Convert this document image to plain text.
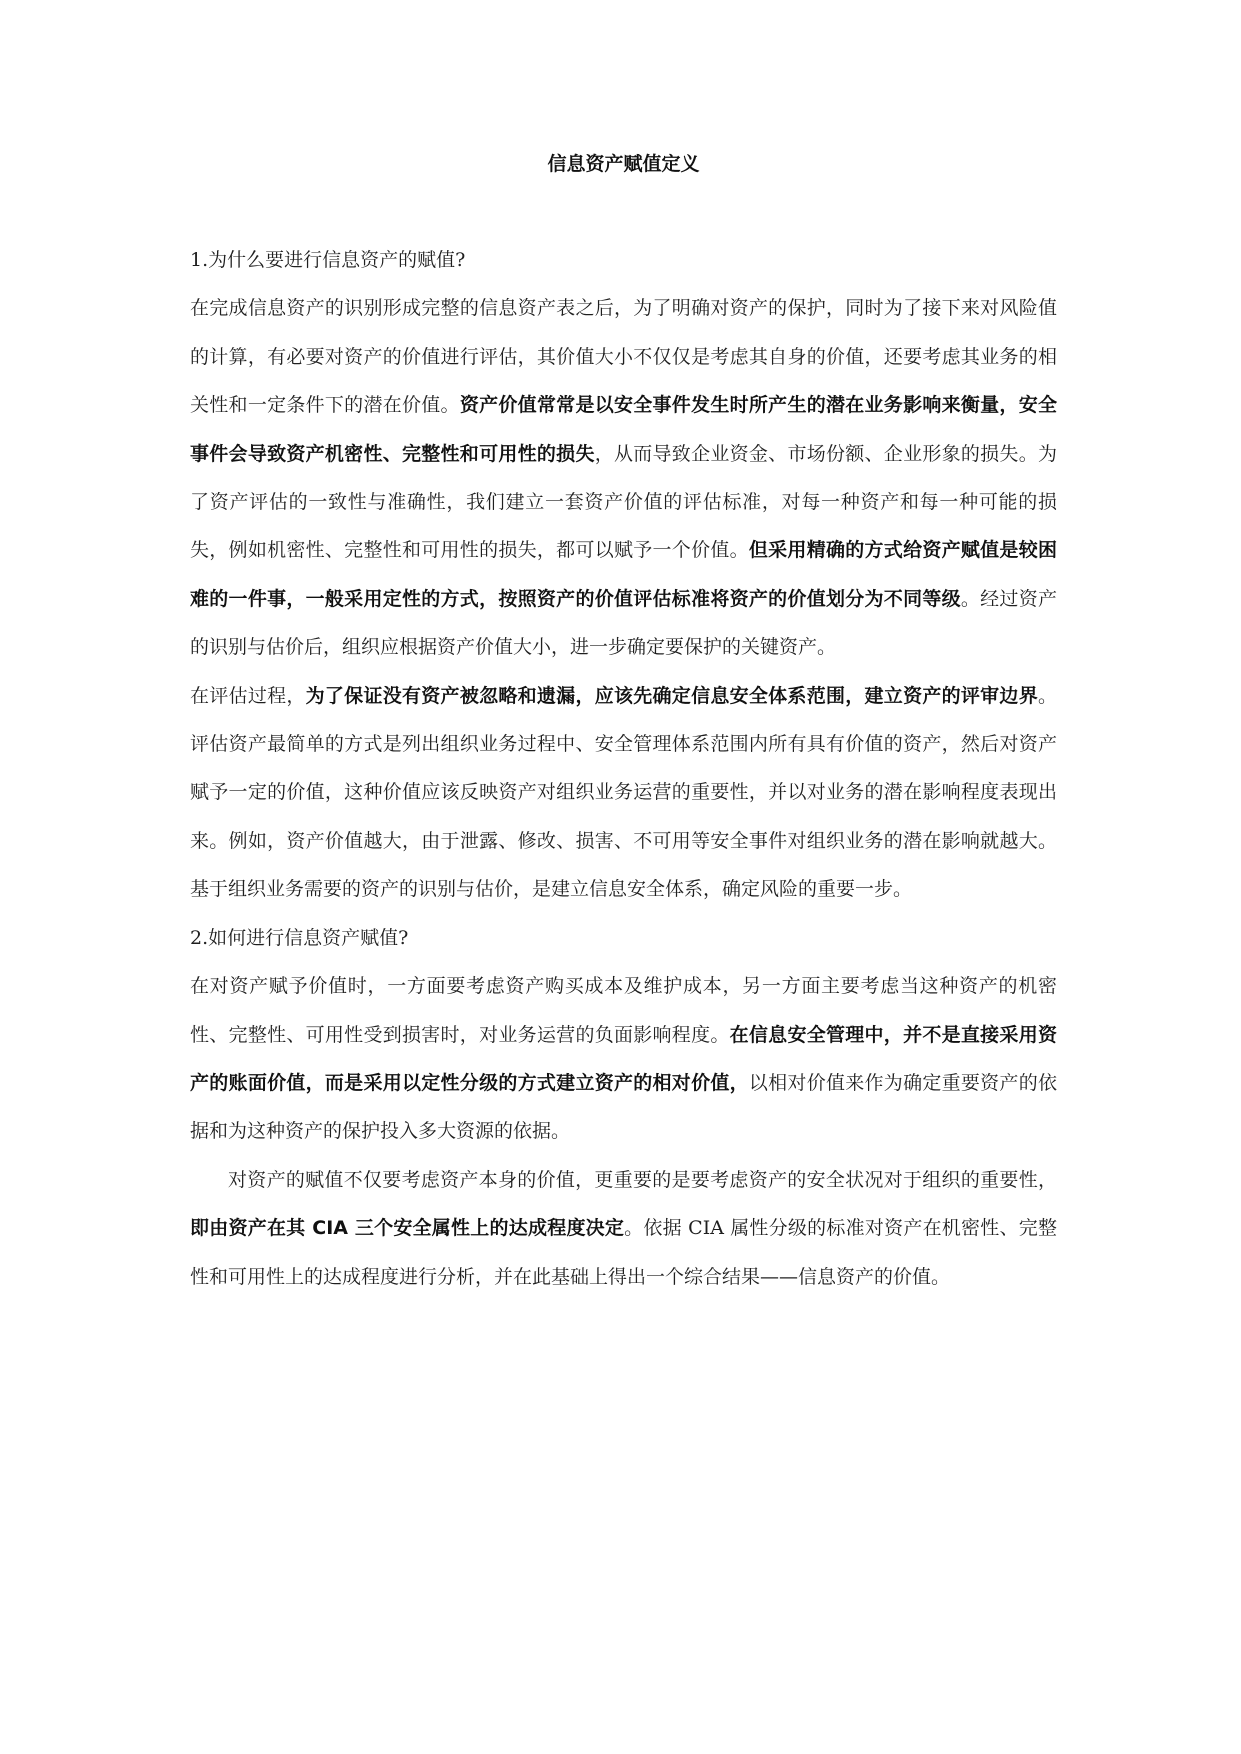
信息资产赋值定义
1.为什么要进行信息资产的赋值?

在完成信息资产的识别形成完整的信息资产表之后，为了明确对资产的保护，同时为了接下来对风险值的计算，有必要对资产的价值进行评估，其价值大小不仅仅是考虑其自身的价值，还要考虑其业务的相关性和一定条件下的潜在价值。资产价值常常是以安全事件发生时所产生的潜在业务影响来衡量，安全事件会导致资产机密性、完整性和可用性的损失，从而导致企业资金、市场份额、企业形象的损失。为了资产评估的一致性与准确性，我们建立一套资产价值的评估标准，对每一种资产和每一种可能的损失，例如机密性、完整性和可用性的损失，都可以赋予一个价值。但采用精确的方式给资产赋值是较困难的一件事，一般采用定性的方式，按照资产的价值评估标准将资产的价值划分为不同等级。经过资产的识别与估价后，组织应根据资产价值大小，进一步确定要保护的关键资产。

在评估过程，为了保证没有资产被忽略和遗漏，应该先确定信息安全体系范围，建立资产的评审边界。评估资产最简单的方式是列出组织业务过程中、安全管理体系范围内所有具有价值的资产，然后对资产赋予一定的价值，这种价值应该反映资产对组织业务运营的重要性，并以对业务的潜在影响程度表现出来。例如，资产价值越大，由于泄露、修改、损害、不可用等安全事件对组织业务的潜在影响就越大。基于组织业务需要的资产的识别与估价，是建立信息安全体系，确定风险的重要一步。

2.如何进行信息资产赋值?

在对资产赋予价值时，一方面要考虑资产购买成本及维护成本，另一方面主要考虑当这种资产的机密性、完整性、可用性受到损害时，对业务运营的负面影响程度。在信息安全管理中，并不是直接采用资产的账面价值，而是采用以定性分级的方式建立资产的相对价值，以相对价值来作为确定重要资产的依据和为这种资产的保护投入多大资源的依据。

对资产的赋值不仅要考虑资产本身的价值，更重要的是要考虑资产的安全状况对于组织的重要性，即由资产在其 CIA 三个安全属性上的达成程度决定。依据 CIA 属性分级的标准对资产在机密性、完整性和可用性上的达成程度进行分析，并在此基础上得出一个综合结果——信息资产的价值。
